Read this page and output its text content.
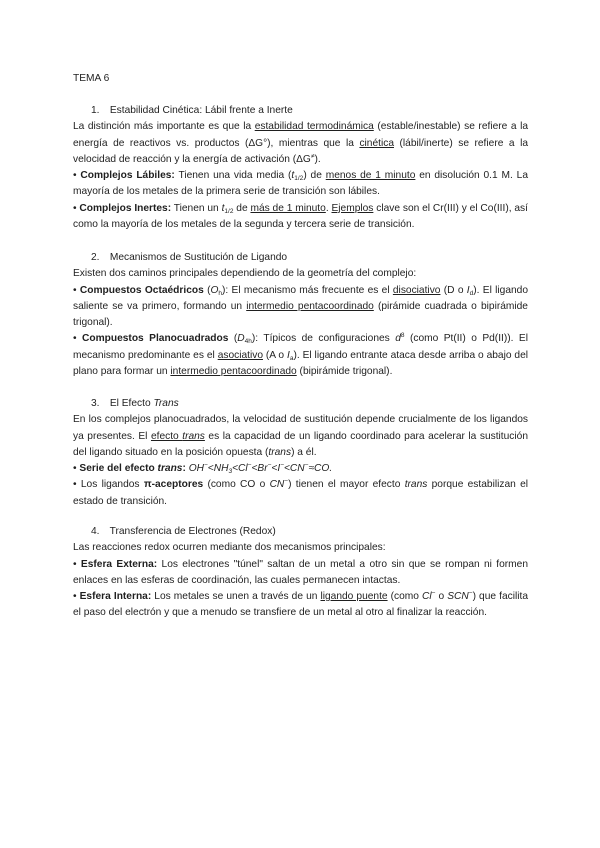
TEMA 6
1. Estabilidad Cinética: Lábil frente a Inerte

La distinción más importante es que la estabilidad termodinámica (estable/inestable) se refiere a la energía de reactivos vs. productos (ΔG°), mientras que la cinética (lábil/inerte) se refiere a la velocidad de reacción y la energía de activación (ΔG≠).

• Complejos Lábiles: Tienen una vida media $(t_{1/2})$ de menos de 1 minuto en disolución 0.1 M. La mayoría de los metales de la primera serie de transición son lábiles.

• Complejos Inertes: Tienen un $t_{1/2}$ de más de 1 minuto. Ejemplos clave son el Cr(III) y el Co(III), así como la mayoría de los metales de la segunda y tercera serie de transición.

2. Mecanismos de Sustitución de Ligando

Existen dos caminos principales dependiendo de la geometría del complejo:

• Compuestos Octaédricos $(O_h)$: El mecanismo más frecuente es el disociativo (D o $I_d$). El ligando saliente se va primero, formando un intermedio pentacoordinado (pirámide cuadrada o bipirámide trigonal).

• Compuestos Planocuadrados $(D_{4h})$: Típicos de configuraciones $d^8$ (como Pt(II) o Pd(II)). El mecanismo predominante es el asociativo (A o $I_a$). El ligando entrante ataca desde arriba o abajo del plano para formar un intermedio pentacoordinado (bipirámide trigonal).

3. El Efecto Trans

En los complejos planocuadrados, la velocidad de sustitución depende crucialmente de los ligandos ya presentes. El efecto trans es la capacidad de un ligando coordinado para acelerar la sustitución del ligando situado en la posición opuesta (trans) a él.

• Serie del efecto trans: $OH^-<NH_3<Cl^-<Br^-<I^-<CN^-\approx CO$.

• Los ligandos π-aceptores (como CO o CN−) tienen el mayor efecto trans porque estabilizan el estado de transición.

4. Transferencia de Electrones (Redox)

Las reacciones redox ocurren mediante dos mecanismos principales:

• Esfera Externa: Los electrones "túnel" saltan de un metal a otro sin que se rompan ni formen enlaces en las esferas de coordinación, las cuales permanecen intactas.

• Esfera Interna: Los metales se unen a través de un ligando puente (como Cl− o SCN−) que facilita el paso del electrón y que a menudo se transfiere de un metal al otro al finalizar la reacción.
